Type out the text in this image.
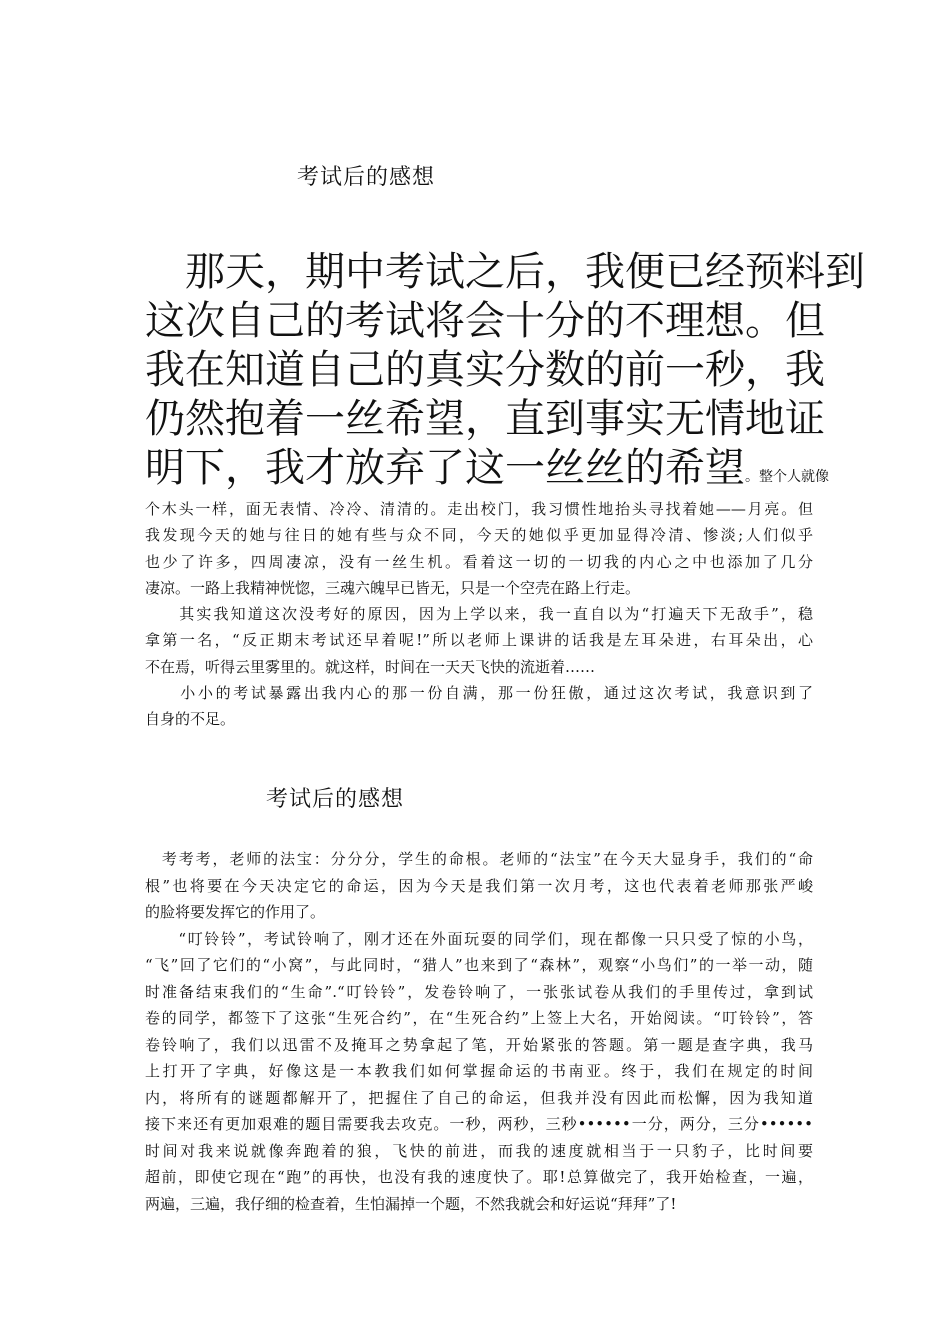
考试后的感想
　那天，期中考试之后，我便已经预料到
这次自己的考试将会十分的不理想。但
我在知道自己的真实分数的前一秒，我
仍然抱着一丝希望，直到事实无情地证
明下，我才放弃了这一丝丝的希望。整个人就像
个木头一样，面无表情、冷冷、清清的。走出校门，我习惯性地抬头寻找着她——月亮。但
我发现今天的她与往日的她有些与众不同，今天的她似乎更加显得冷清、惨淡;人们似乎
也少了许多，四周凄凉，没有一丝生机。看着这一切的一切我的内心之中也添加了几分
凄凉。一路上我精神恍惚，三魂六魄早已皆无，只是一个空壳在路上行走。
　　其实我知道这次没考好的原因，因为上学以来，我一直自以为“打遍天下无敌手”，稳
拿第一名，“反正期末考试还早着呢!”所以老师上课讲的话我是左耳朵进，右耳朵出，心
不在焉，听得云里雾里的。就这样，时间在一天天飞快的流逝着……
　　小小的考试暴露出我内心的那一份自满，那一份狂傲，通过这次考试，我意识到了
自身的不足。
考试后的感想
　考考考，老师的法宝：分分分，学生的命根。老师的“法宝”在今天大显身手，我们的“命
根”也将要在今天决定它的命运，因为今天是我们第一次月考，这也代表着老师那张严峻
的脸将要发挥它的作用了。
　　“叮铃铃”，考试铃响了，刚才还在外面玩耍的同学们，现在都像一只只受了惊的小鸟，
“飞”回了它们的“小窝”，与此同时，“猎人”也来到了“森林”，观察“小鸟们”的一举一动，随
时准备结束我们的“生命”.“叮铃铃”，发卷铃响了，一张张试卷从我们的手里传过，拿到试
卷的同学，都签下了这张“生死合约”，在“生死合约”上签上大名，开始阅读。“叮铃铃”，答
卷铃响了，我们以迅雷不及掩耳之势拿起了笔，开始紧张的答题。第一题是查字典，我马
上打开了字典，好像这是一本教我们如何掌握命运的书南亚。终于，我们在规定的时间
内，将所有的谜题都解开了，把握住了自己的命运，但我并没有因此而松懈，因为我知道
接下来还有更加艰难的题目需要我去攻克。一秒，两秒，三秒••••••一分，两分，三分••••••
时间对我来说就像奔跑着的狼，飞快的前进，而我的速度就相当于一只豹子，比时间要
超前，即使它现在“跑”的再快，也没有我的速度快了。耶!总算做完了，我开始检查，一遍，
两遍，三遍，我仔细的检查着，生怕漏掉一个题，不然我就会和好运说“拜拜”了!
